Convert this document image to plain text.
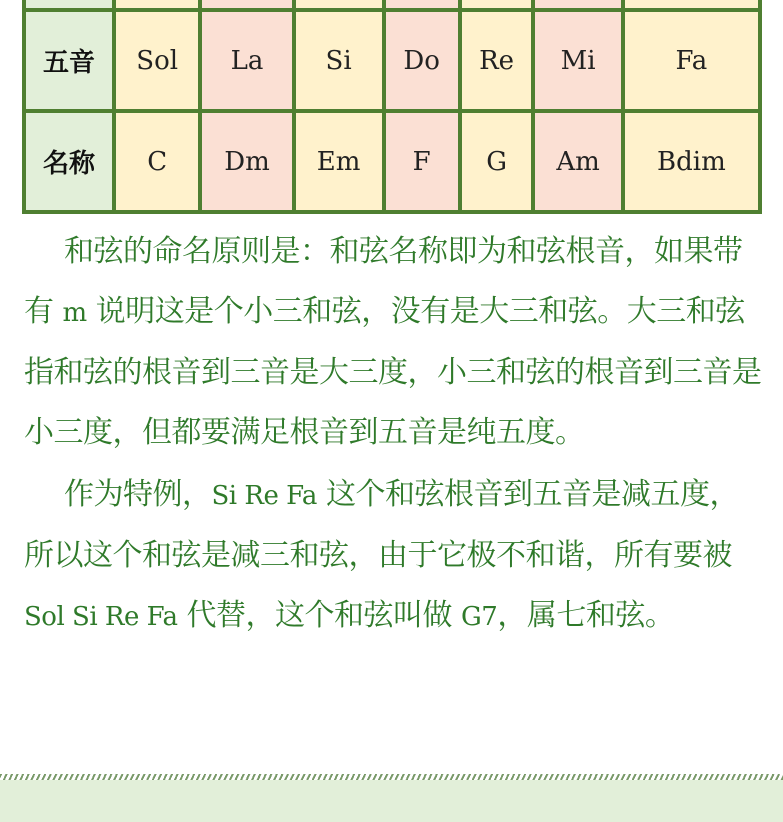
五音	Sol	La	Si	Do	Re	Mi	Fa
名称	C	Dm	Em	F	G	Am	Bdim

和弦的命名原则是：和弦名称即为和弦根音，如果带有 m 说明这是个小三和弦，没有是大三和弦。大三和弦指和弦的根音到三音是大三度，小三和弦的根音到三音是小三度，但都要满足根音到五音是纯五度。

作为特例，Si Re Fa 这个和弦根音到五音是减五度，所以这个和弦是减三和弦，由于它极不和谐，所有要被 Sol Si Re Fa 代替，这个和弦叫做 G7，属七和弦。
